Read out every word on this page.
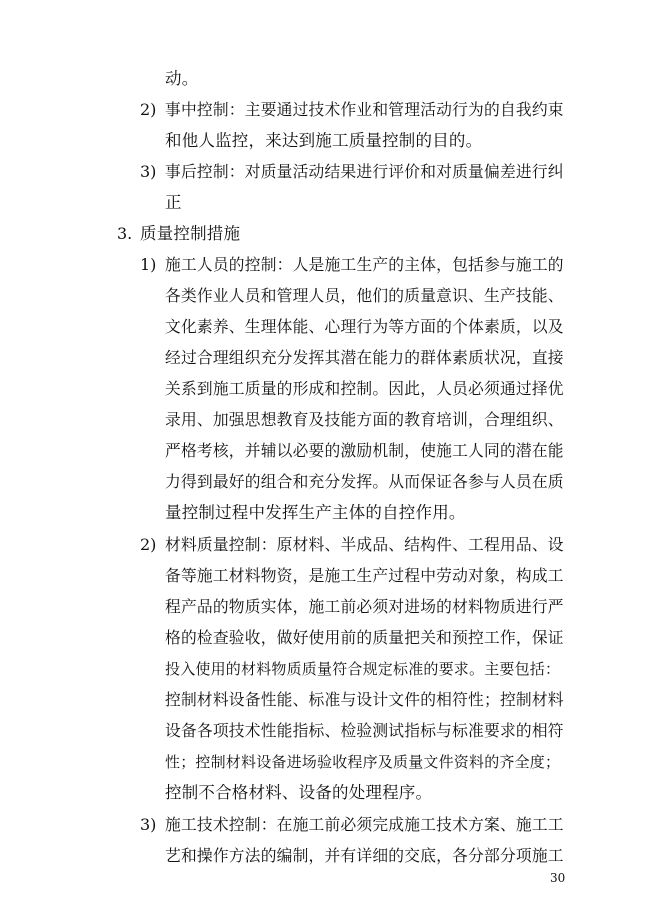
动。
2) 事中控制：主要通过技术作业和管理活动行为的自我约束
和他人监控，来达到施工质量控制的目的。
3) 事后控制：对质量活动结果进行评价和对质量偏差进行纠
正
3. 质量控制措施
1) 施工人员的控制：人是施工生产的主体，包括参与施工的
各类作业人员和管理人员，他们的质量意识、生产技能、
文化素养、生理体能、心理行为等方面的个体素质，以及
经过合理组织充分发挥其潜在能力的群体素质状况，直接
关系到施工质量的形成和控制。因此，人员必须通过择优
录用、加强思想教育及技能方面的教育培训，合理组织、
严格考核，并辅以必要的激励机制，使施工人同的潜在能
力得到最好的组合和充分发挥。从而保证各参与人员在质
量控制过程中发挥生产主体的自控作用。
2) 材料质量控制：原材料、半成品、结构件、工程用品、设
备等施工材料物资，是施工生产过程中劳动对象，构成工
程产品的物质实体，施工前必须对进场的材料物质进行严
格的检查验收，做好使用前的质量把关和预控工作，保证
投入使用的材料物质质量符合规定标准的要求。主要包括：
控制材料设备性能、标准与设计文件的相符性；控制材料
设备各项技术性能指标、检验测试指标与标准要求的相符
性；控制材料设备进场验收程序及质量文件资料的齐全度；
控制不合格材料、设备的处理程序。
3) 施工技术控制：在施工前必须完成施工技术方案、施工工
艺和操作方法的编制，并有详细的交底，各分部分项施工
30
